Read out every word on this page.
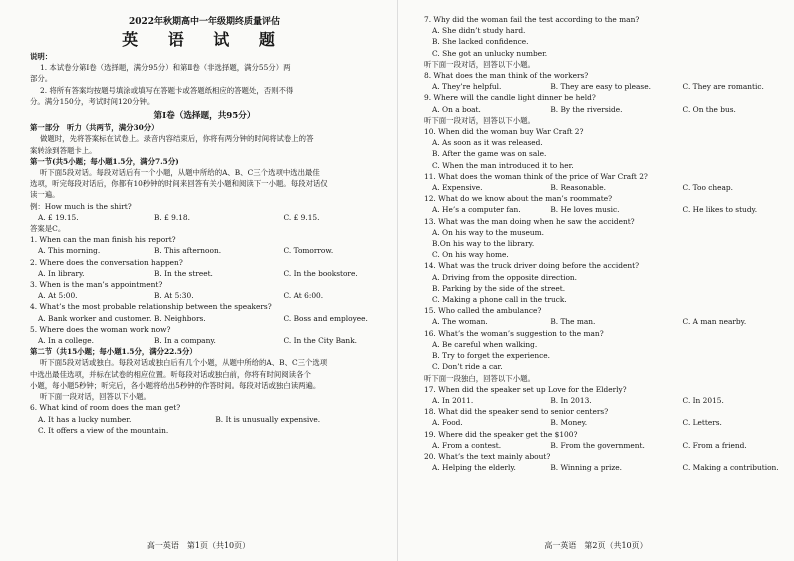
2022年秋期高中一年级期终质量评估
英 语 试 题
说明：
1. 本试卷分第Ⅰ卷（选择题，满分95分）和第Ⅱ卷（非选择题，满分55分）两
部分。
2. 将所有答案均按题号填涂或填写在答题卡或答题纸相应的答题处，否则不得
分。满分150分，考试时间120分钟。
第Ⅰ卷（选择题，共95分）
第一部分　听力（共两节，满分30分）
做题时，先将答案标在试卷上。录音内容结束后，你将有两分钟的时间将试卷上的答
案转涂到答题卡上。
第一节(共5小题；每小题1.5分，满分7.5分)
听下面5段对话。每段对话后有一个小题，从题中所给的A、B、C三个选项中选出最佳
选项，听完每段对话后，你都有10秒钟的时间来回答有关小题和阅读下一小题。每段对话仅
读一遍。
例：How much is the shirt?
A. £ 19.15.	B. £ 9.18.	C. £ 9.15.
答案是C。
1. When can the man finish his report?
A. This morning.	B. This afternoon.	C. Tomorrow.
2. Where does the conversation happen?
A. In library.	B. In the street.	C. In the bookstore.
3. When is the man’s appointment?
A. At 5:00.	B. At 5:30.	C. At 6:00.
4. What’s the most probable relationship between the speakers?
A. Bank worker and customer. B. Neighbors.	C. Boss and employee.
5. Where does the woman work now?
A. In a college.	B. In a company.	C. In the City Bank.
第二节（共15小题；每小题1.5分，满分22.5分）
听下面5段对话或独白。每段对话或独白后有几个小题，从题中所给的A、B、C三个选项
中选出最佳选项，并标在试卷的相应位置。听每段对话或独白前，你将有时间阅读各个
小题，每小题5秒钟；听完后，各小题将给出5秒钟的作答时间。每段对话或独白读两遍。
听下面一段对话，回答以下小题。
6. What kind of room does the man get?
A. It has a lucky number.	B. It is unusually expensive.
C. It offers a view of the mountain.
高一英语　第1页（共10页）
7. Why did the woman fail the test according to the man?
A. She didn’t study hard.
B. She lacked confidence.
C. She got an unlucky number.
听下面一段对话，回答以下小题。
8. What does the man think of the workers?
A. They’re helpful.	B. They are easy to please.	C. They are romantic.
9. Where will the candle light dinner be held?
A. On a boat.	B. By the riverside.	C. On the bus.
听下面一段对话，回答以下小题。
10. When did the woman buy War Craft 2?
A. As soon as it was released.
B. After the game was on sale.
C. When the man introduced it to her.
11. What does the woman think of the price of War Craft 2?
A. Expensive.	B. Reasonable.	C. Too cheap.
12. What do we know about the man’s roommate?
A. He’s a computer fan.	B. He loves music.	C. He likes to study.
13. What was the man doing when he saw the accident?
A. On his way to the museum.
B.On his way to the library.
C. On his way home.
14. What was the truck driver doing before the accident?
A. Driving from the opposite direction.
B. Parking by the side of the street.
C. Making a phone call in the truck.
15. Who called the ambulance?
A. The woman.	B. The man.	C. A man nearby.
16. What’s the woman’s suggestion to the man?
A. Be careful when walking.
B. Try to forget the experience.
C. Don’t ride a car.
听下面一段独白，回答以下小题。
17. When did the speaker set up Love for the Elderly?
A. In 2011.	B. In 2013.	C. In 2015.
18. What did the speaker send to senior centers?
A. Food.	B. Money.	C. Letters.
19. Where did the speaker get the $100?
A. From a contest.	B. From the government.	C. From a friend.
20. What’s the text mainly about?
A. Helping the elderly.	B. Winning a prize.	C. Making a contribution.
高一英语　第2页（共10页）
